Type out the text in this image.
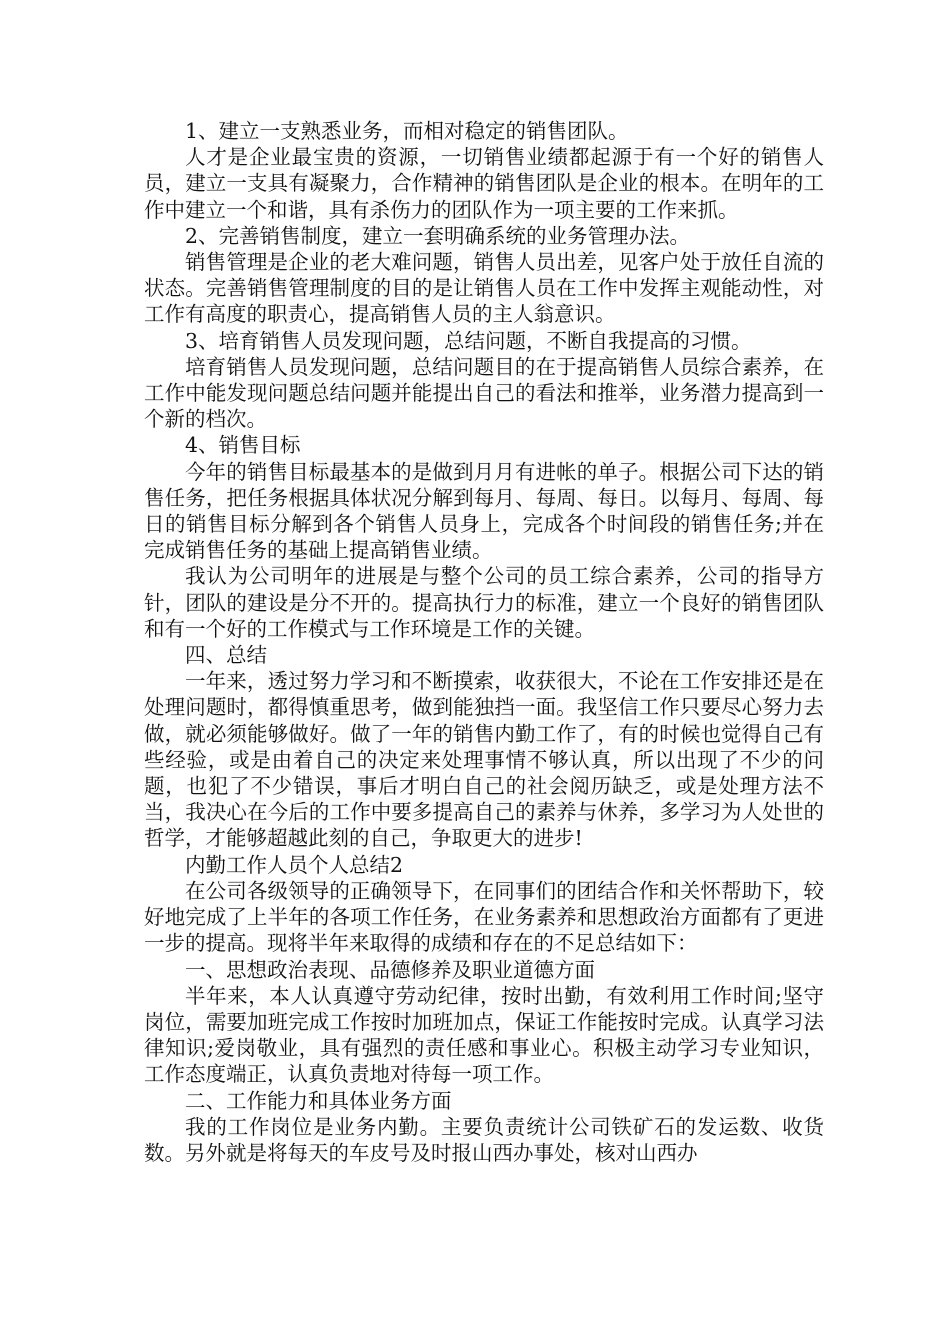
1、建立一支熟悉业务，而相对稳定的销售团队。

人才是企业最宝贵的资源，一切销售业绩都起源于有一个好的销售人员，建立一支具有凝聚力，合作精神的销售团队是企业的根本。在明年的工作中建立一个和谐，具有杀伤力的团队作为一项主要的工作来抓。

2、完善销售制度，建立一套明确系统的业务管理办法。

销售管理是企业的老大难问题，销售人员出差，见客户处于放任自流的状态。完善销售管理制度的目的是让销售人员在工作中发挥主观能动性，对工作有高度的职责心，提高销售人员的主人翁意识。

3、培育销售人员发现问题，总结问题，不断自我提高的习惯。

培育销售人员发现问题，总结问题目的在于提高销售人员综合素养，在工作中能发现问题总结问题并能提出自己的看法和推举，业务潜力提高到一个新的档次。

4、销售目标

今年的销售目标最基本的是做到月月有进帐的单子。根据公司下达的销售任务，把任务根据具体状况分解到每月、每周、每日。以每月、每周、每日的销售目标分解到各个销售人员身上，完成各个时间段的销售任务;并在完成销售任务的基础上提高销售业绩。

我认为公司明年的进展是与整个公司的员工综合素养，公司的指导方针，团队的建设是分不开的。提高执行力的标准，建立一个良好的销售团队和有一个好的工作模式与工作环境是工作的关键。

四、总结

一年来，透过努力学习和不断摸索，收获很大，不论在工作安排还是在处理问题时，都得慎重思考，做到能独挡一面。我坚信工作只要尽心努力去做，就必须能够做好。做了一年的销售内勤工作了，有的时候也觉得自己有些经验，或是由着自己的决定来处理事情不够认真，所以出现了不少的问题，也犯了不少错误，事后才明白自己的社会阅历缺乏，或是处理方法不当，我决心在今后的工作中要多提高自己的素养与休养，多学习为人处世的哲学，才能够超越此刻的自己，争取更大的进步!

内勤工作人员个人总结2

在公司各级领导的正确领导下，在同事们的团结合作和关怀帮助下，较好地完成了上半年的各项工作任务，在业务素养和思想政治方面都有了更进一步的提高。现将半年来取得的成绩和存在的不足总结如下：

一、思想政治表现、品德修养及职业道德方面

半年来，本人认真遵守劳动纪律，按时出勤，有效利用工作时间;坚守岗位，需要加班完成工作按时加班加点，保证工作能按时完成。认真学习法律知识;爱岗敬业，具有强烈的责任感和事业心。积极主动学习专业知识，工作态度端正，认真负责地对待每一项工作。

二、工作能力和具体业务方面

我的工作岗位是业务内勤。主要负责统计公司铁矿石的发运数、收货数。另外就是将每天的车皮号及时报山西办事处，核对山西办
